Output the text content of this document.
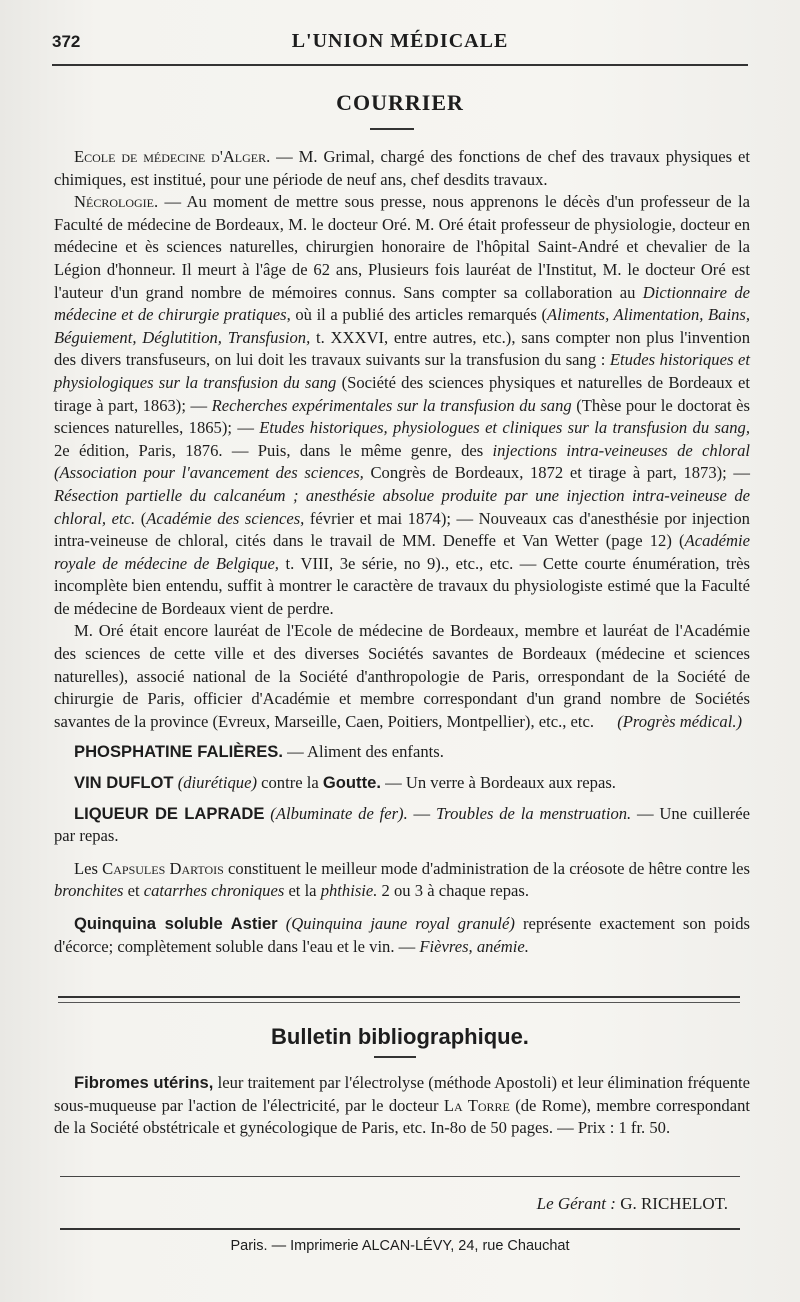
372	L'UNION MÉDICALE
COURRIER

Ecole de médecine d'Alger. — M. Grimal, chargé des fonctions de chef des travaux physiques et chimiques, est institué, pour une période de neuf ans, chef desdits travaux.

Nécrologie. — Au moment de mettre sous presse, nous apprenons le décès d'un professeur de la Faculté de médecine de Bordeaux, M. le docteur Oré. M. Oré était professeur de physiologie, docteur en médecine et ès sciences naturelles, chirurgien honoraire de l'hôpital Saint-André et chevalier de la Légion d'honneur. Il meurt à l'âge de 62 ans, Plusieurs fois lauréat de l'Institut, M. le docteur Oré est l'auteur d'un grand nombre de mémoires connus. Sans compter sa collaboration au Dictionnaire de médecine et de chirurgie pratiques, où il a publié des articles remarqués (Aliments, Alimentation, Bains, Béguiement, Déglutition, Transfusion, t. XXXVI, entre autres, etc.), sans compter non plus l'invention des divers transfuseurs, on lui doit les travaux suivants sur la transfusion du sang : Etudes historiques et physiologiques sur la transfusion du sang (Société des sciences physiques et naturelles de Bordeaux et tirage à part, 1863); — Recherches expérimentales sur la transfusion du sang (Thèse pour le doctorat ès sciences naturelles, 1865); — Etudes historiques, physiologues et cliniques sur la transfusion du sang, 2e édition, Paris, 1876. — Puis, dans le même genre, des injections intra-veineuses de chloral (Association pour l'avancement des sciences, Congrès de Bordeaux, 1872 et tirage à part, 1873); — Résection partielle du calcanéum ; anesthésie absolue produite par une injection intra-veineuse de chloral, etc. (Académie des sciences, février et mai 1874); — Nouveaux cas d'anesthésie por injection intra-veineuse de chloral, cités dans le travail de MM. Deneffe et Van Wetter (page 12) (Académie royale de médecine de Belgique, t. VIII, 3e série, no 9)., etc., etc. — Cette courte énumération, très incomplète bien entendu, suffit à montrer le caractère de travaux du physiologiste estimé que la Faculté de médecine de Bordeaux vient de perdre.

M. Oré était encore lauréat de l'Ecole de médecine de Bordeaux, membre et lauréat de l'Académie des sciences de cette ville et des diverses Sociétés savantes de Bordeaux (médecine et sciences naturelles), associé national de la Société d'anthropologie de Paris, orrespondant de la Société de chirurgie de Paris, officier d'Académie et membre correspondant d'un grand nombre de Sociétés savantes de la province (Evreux, Marseille, Caen, Poitiers, Montpellier), etc., etc.	(Progrès médical.)

PHOSPHATINE FALIÈRES. — Aliment des enfants.

VIN DUFLOT (diurétique) contre la Goutte. — Un verre à Bordeaux aux repas.

LIQUEUR DE LAPRADE (Albuminate de fer). — Troubles de la menstruation. — Une cuillerée par repas.

Les Capsules Dartois constituent le meilleur mode d'administration de la créosote de hêtre contre les bronchites et catarrhes chroniques et la phthisie. 2 ou 3 à chaque repas.

Quinquina soluble Astier (Quinquina jaune royal granulé) représente exactement son poids d'écorce; complètement soluble dans l'eau et le vin. — Fièvres, anémie.

Bulletin bibliographique.

Fibromes utérins, leur traitement par l'électrolyse (méthode Apostoli) et leur élimination fréquente sous-muqueuse par l'action de l'électricité, par le docteur La Torre (de Rome), membre correspondant de la Société obstétricale et gynécologique de Paris, etc. In-8o de 50 pages. — Prix : 1 fr. 50.

Le Gérant : G. RICHELOT.
Paris. — Imprimerie ALCAN-LÉVY, 24, rue Chauchat
